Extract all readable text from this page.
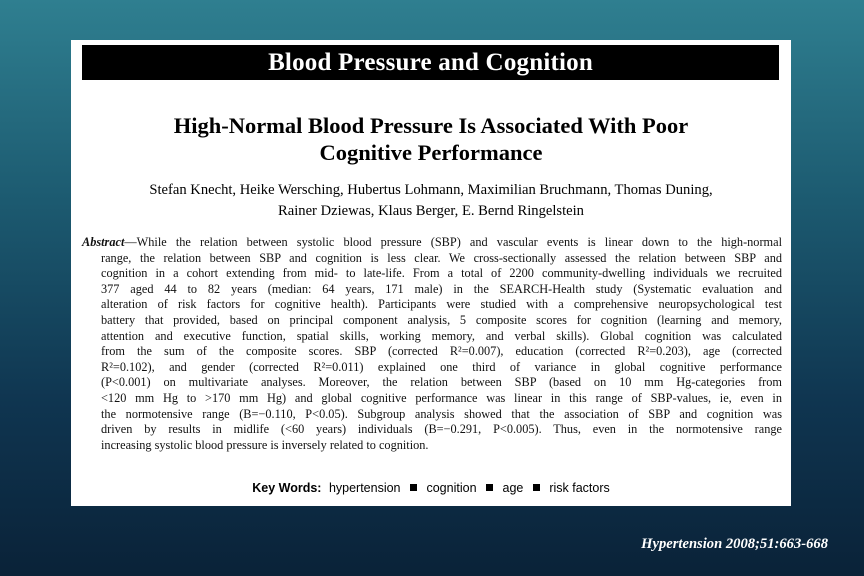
Blood Pressure and Cognition
High-Normal Blood Pressure Is Associated With Poor
Cognitive Performance
Stefan Knecht, Heike Wersching, Hubertus Lohmann, Maximilian Bruchmann, Thomas Duning,
Rainer Dziewas, Klaus Berger, E. Bernd Ringelstein
Abstract—While the relation between systolic blood pressure (SBP) and vascular events is linear down to the high-normal
range, the relation between SBP and cognition is less clear. We cross-sectionally assessed the relation between SBP and
cognition in a cohort extending from mid- to late-life. From a total of 2200 community-dwelling individuals we recruited
377 aged 44 to 82 years (median: 64 years, 171 male) in the SEARCH-Health study (Systematic evaluation and
alteration of risk factors for cognitive health). Participants were studied with a comprehensive neuropsychological test
battery that provided, based on principal component analysis, 5 composite scores for cognition (learning and memory,
attention and executive function, spatial skills, working memory, and verbal skills). Global cognition was calculated
from the sum of the composite scores. SBP (corrected R²=0.007), education (corrected R²=0.203), age (corrected
R²=0.102), and gender (corrected R²=0.011) explained one third of variance in global cognitive performance
(P<0.001) on multivariate analyses. Moreover, the relation between SBP (based on 10 mm Hg-categories from
<120 mm Hg to >170 mm Hg) and global cognitive performance was linear in this range of SBP-values, ie, even in
the normotensive range (B=−0.110, P<0.05). Subgroup analysis showed that the association of SBP and cognition was
driven by results in midlife (<60 years) individuals (B=−0.291, P<0.005). Thus, even in the normotensive range
increasing systolic blood pressure is inversely related to cognition.
Key Words: hypertension cognition age risk factors
Hypertension 2008;51:663-668
